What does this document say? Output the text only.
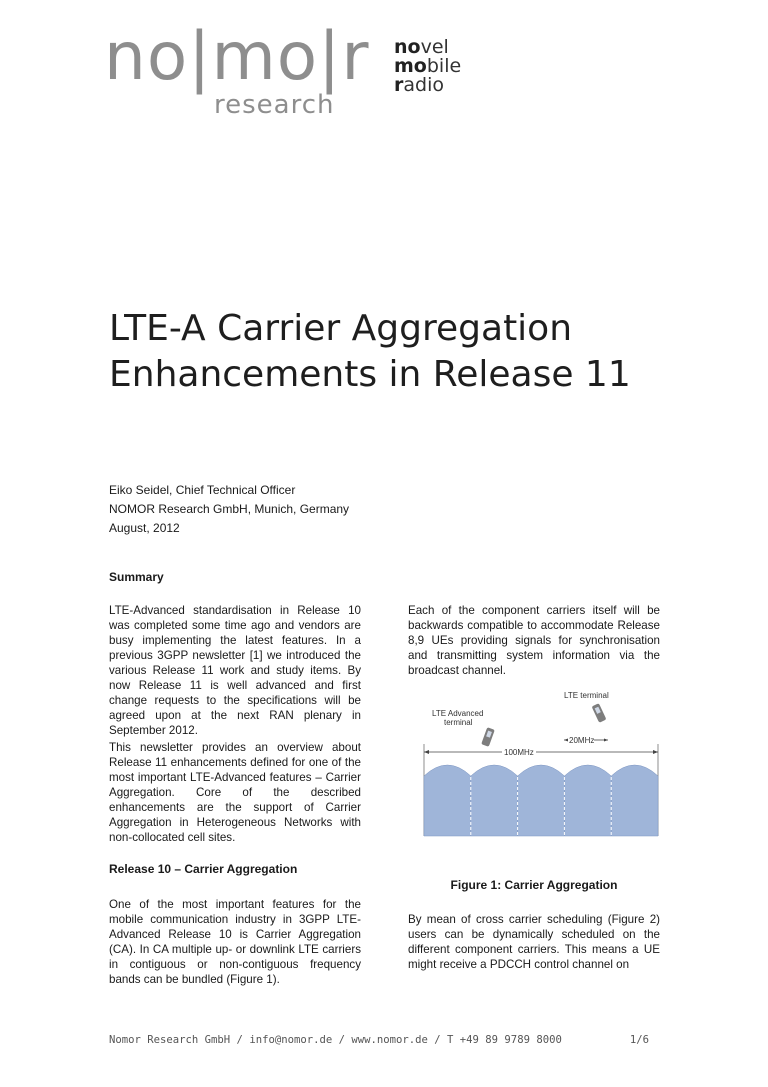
no|mo|r
research
novel
mobile
radio
LTE-A Carrier Aggregation
Enhancements in Release 11
Eiko Seidel, Chief Technical Officer
NOMOR Research GmbH, Munich, Germany
August, 2012
Summary

LTE-Advanced standardisation in Release 10 was completed some time ago and vendors are busy implementing the latest features. In a previous 3GPP newsletter [1] we introduced the various Release 11 work and study items. By now Release 11 is well advanced and first change requests to the specifications will be agreed upon at the next RAN plenary in September 2012.

This newsletter provides an overview about Release 11 enhancements defined for one of the most important LTE-Advanced features – Carrier Aggregation. Core of the described enhancements are the support of Carrier Aggregation in Heterogeneous Networks with non-collocated cell sites.

Release 10 – Carrier Aggregation

One of the most important features for the mobile communication industry in 3GPP LTE-Advanced Release 10 is Carrier Aggregation (CA). In CA multiple up- or downlink LTE carriers in contiguous or non-contiguous frequency bands can be bundled (Figure 1).

Each of the component carriers itself will be backwards compatible to accommodate Release 8,9 UEs providing signals for synchronisation and transmitting system information via the broadcast channel.

LTE terminal
LTE Advanced
terminal
100MHz
20MHz
Figure 1: Carrier Aggregation

By mean of cross carrier scheduling (Figure 2) users can be dynamically scheduled on the different component carriers. This means a UE might receive a PDCCH control channel on

Nomor Research GmbH / info@nomor.de / www.nomor.de / T +49 89 9789 8000	1/6
